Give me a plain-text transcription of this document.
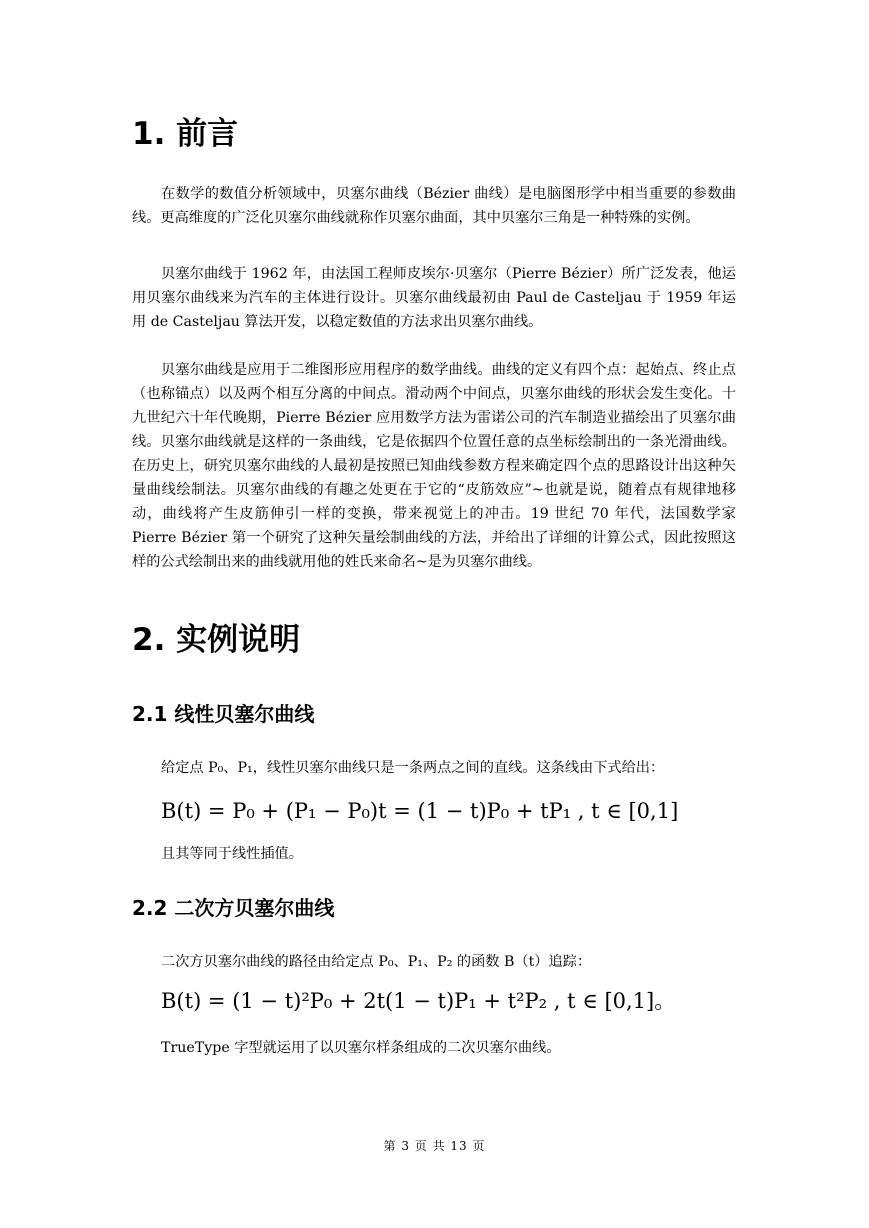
1. 前言

在数学的数值分析领域中，贝塞尔曲线（Bézier 曲线）是电脑图形学中相当重要的参数曲线。更高维度的广泛化贝塞尔曲线就称作贝塞尔曲面，其中贝塞尔三角是一种特殊的实例。

贝塞尔曲线于 1962 年，由法国工程师皮埃尔·贝塞尔（Pierre Bézier）所广泛发表，他运用贝塞尔曲线来为汽车的主体进行设计。贝塞尔曲线最初由 Paul de Casteljau 于 1959 年运用 de Casteljau 算法开发，以稳定数值的方法求出贝塞尔曲线。

贝塞尔曲线是应用于二维图形应用程序的数学曲线。曲线的定义有四个点：起始点、终止点（也称锚点）以及两个相互分离的中间点。滑动两个中间点，贝塞尔曲线的形状会发生变化。十九世纪六十年代晚期，Pierre Bézier 应用数学方法为雷诺公司的汽车制造业描绘出了贝塞尔曲线。贝塞尔曲线就是这样的一条曲线，它是依据四个位置任意的点坐标绘制出的一条光滑曲线。在历史上，研究贝塞尔曲线的人最初是按照已知曲线参数方程来确定四个点的思路设计出这种矢量曲线绘制法。贝塞尔曲线的有趣之处更在于它的“皮筋效应”~也就是说，随着点有规律地移动，曲线将产生皮筋伸引一样的变换，带来视觉上的冲击。19 世纪 70 年代，法国数学家 Pierre Bézier 第一个研究了这种矢量绘制曲线的方法，并给出了详细的计算公式，因此按照这样的公式绘制出来的曲线就用他的姓氏来命名~是为贝塞尔曲线。

2. 实例说明
2.1 线性贝塞尔曲线

给定点 P₀、P₁，线性贝塞尔曲线只是一条两点之间的直线。这条线由下式给出：

B(t) = P₀ + (P₁ − P₀)t = (1 − t)P₀ + tP₁ , t ∈ [0,1]

且其等同于线性插值。

2.2 二次方贝塞尔曲线

二次方贝塞尔曲线的路径由给定点 P₀、P₁、P₂ 的函数 B（t）追踪：

B(t) = (1 − t)²P₀ + 2t(1 − t)P₁ + t²P₂ , t ∈ [0,1]。

TrueType 字型就运用了以贝塞尔样条组成的二次贝塞尔曲线。

第 3 页 共 13 页
